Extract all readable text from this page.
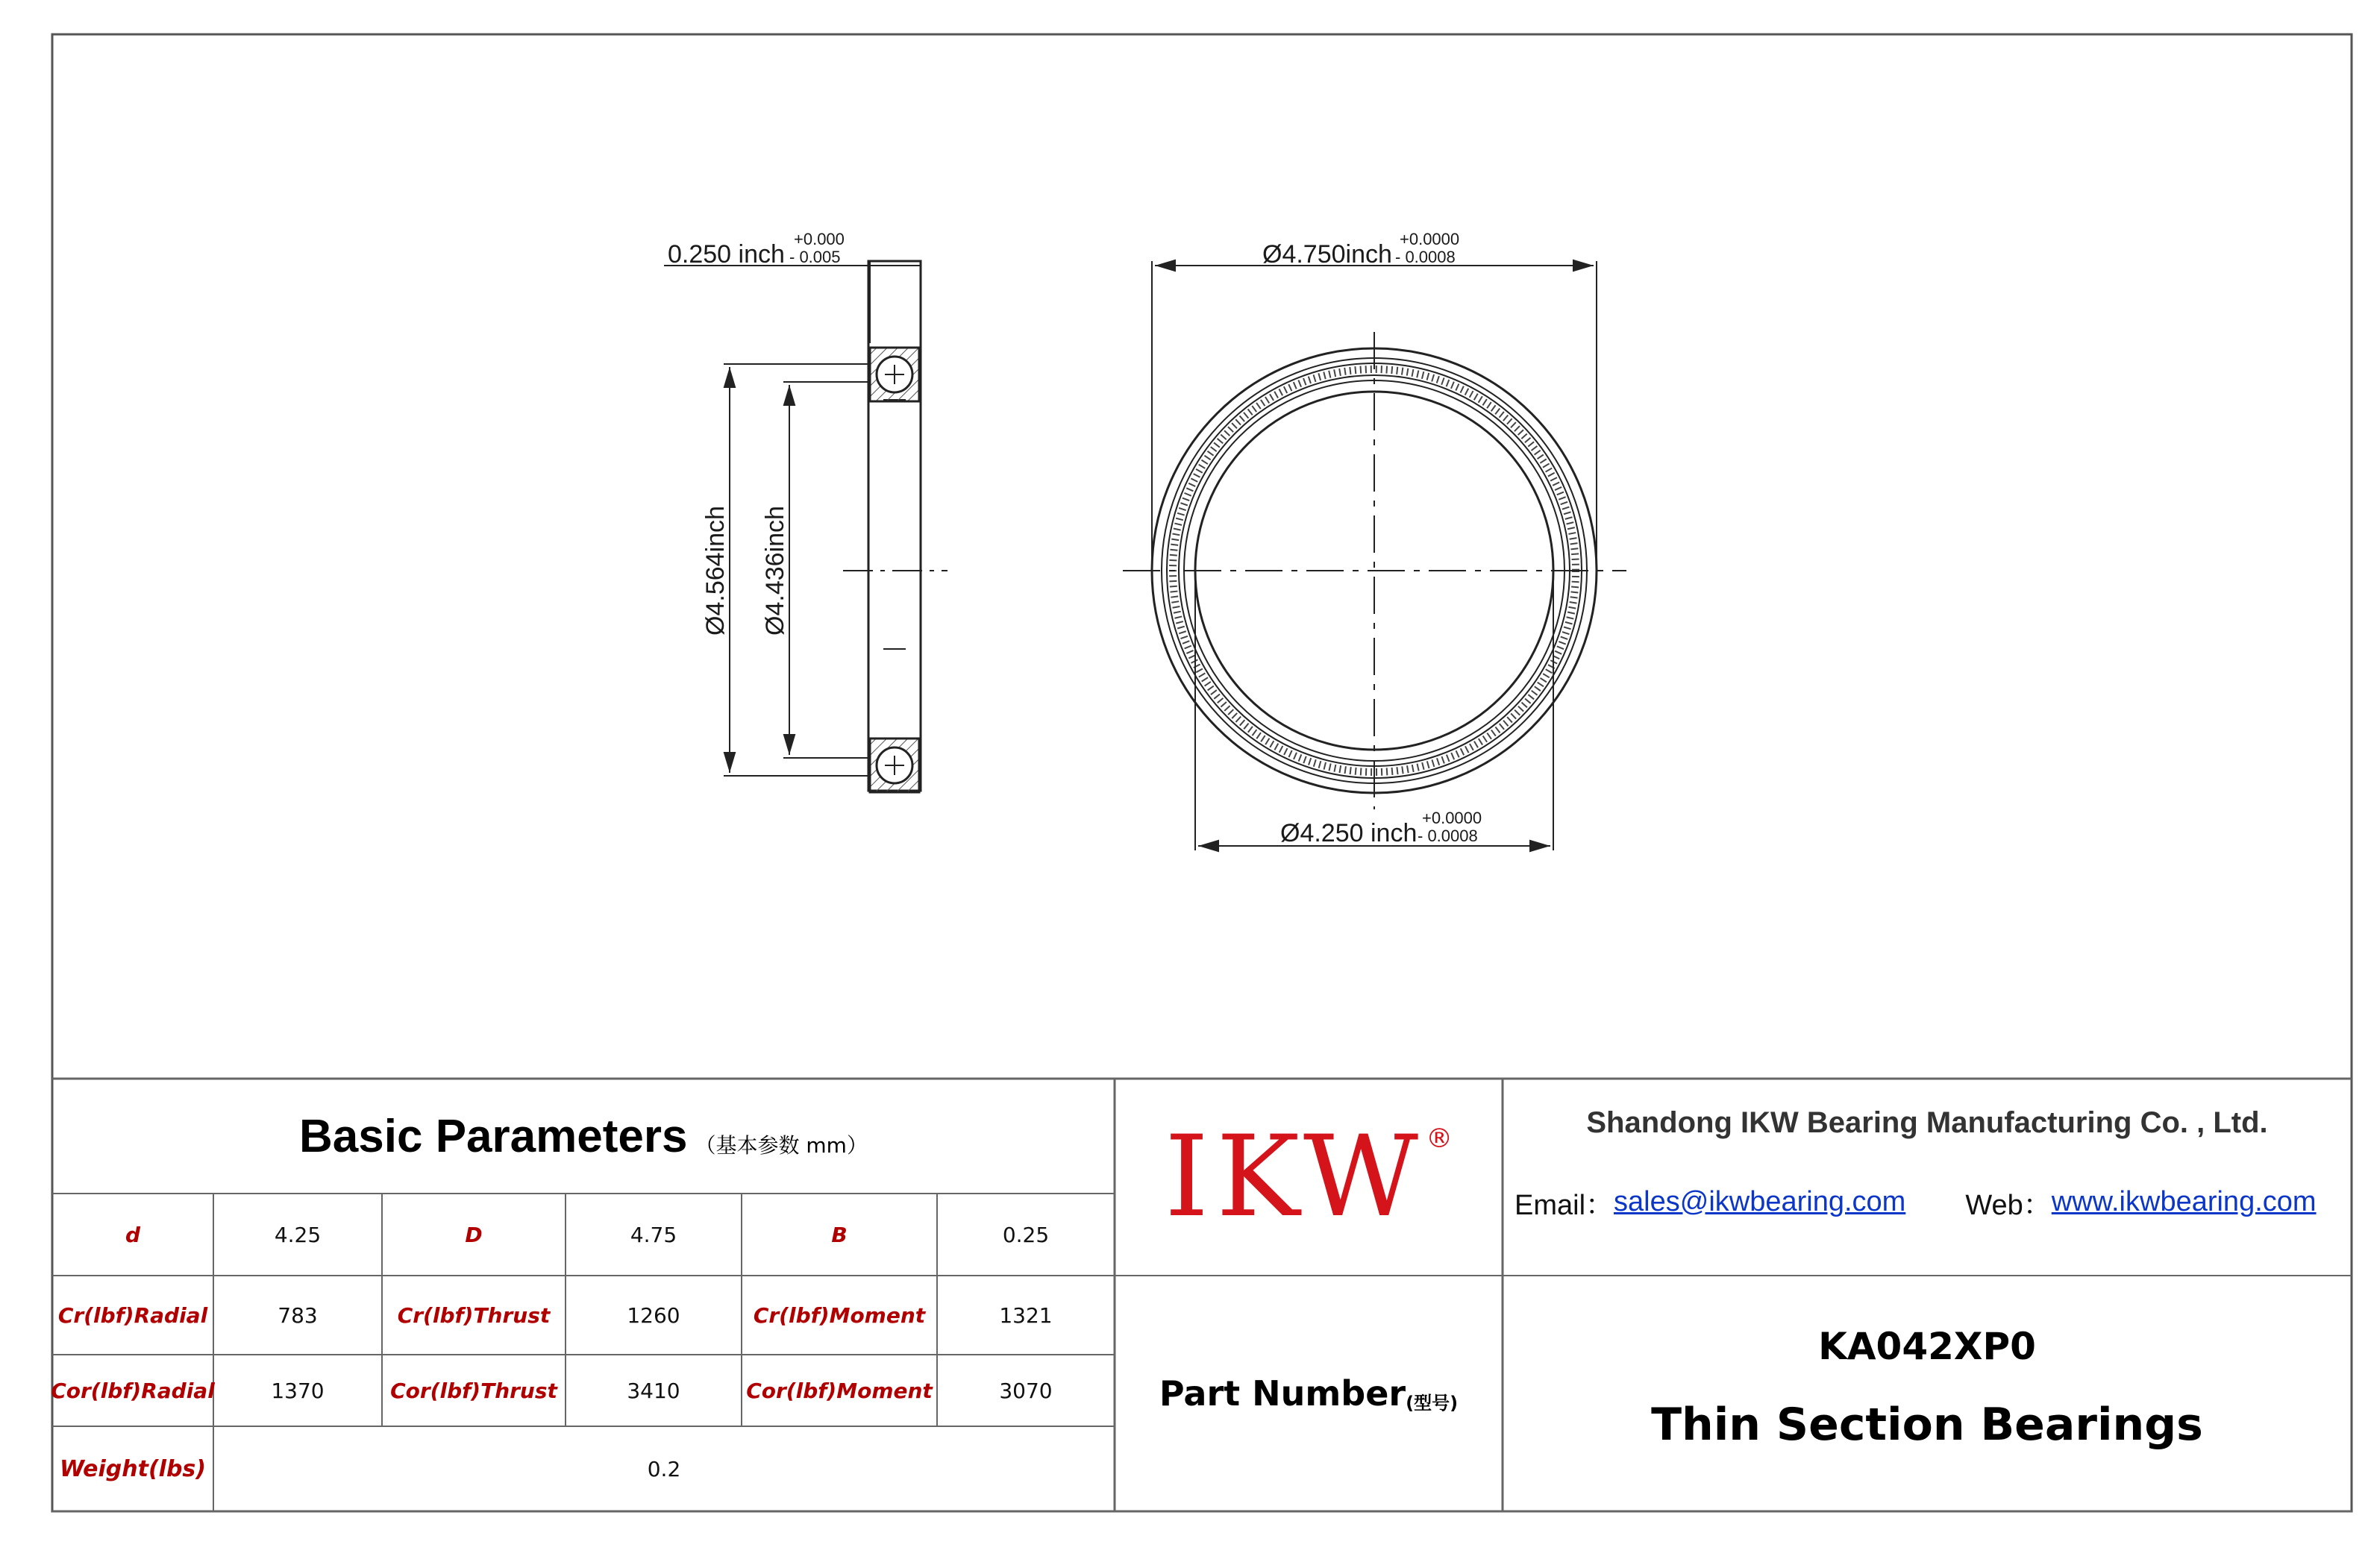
0.250 inch
+0.000
- 0.005
Ø4.564inch Ø4.436inch
Ø4.750inch
+0.0000
- 0.0008
Ø4.250 inch
+0.0000
- 0.0008
Basic Parameters （基本参数 mm）
d	4.25	D	4.75	B	0.25
Cr(lbf)Radial	783	Cr(lbf)Thrust	1260	Cr(lbf)Moment	1321
Cor(lbf)Radial	1370	Cor(lbf)Thrust	3410	Cor(lbf)Moment	3070
Weight(lbs)	0.2
IKW ®	Shandong IKW Bearing Manufacturing Co. , Ltd.
Email： sales@ikwbearing.com Web： www.ikwbearing.com
Part Number (型号)
KA042XP0
Thin Section Bearings
